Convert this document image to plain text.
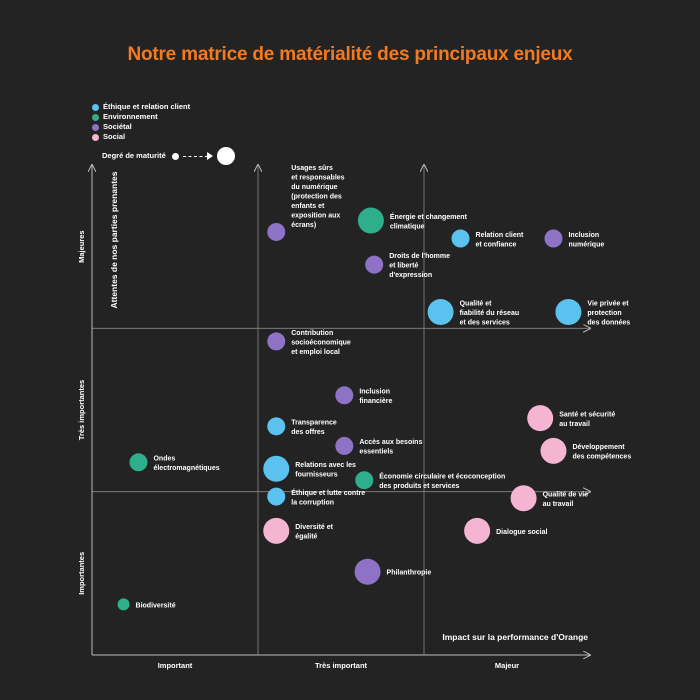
Notre matrice de matérialité des principaux enjeux
Éthique et relation client
Environnement
Sociétal
Social
Degré de maturité
Important	Très important	Majeur
Importantes
Très importantes
Majeures
Impact sur la performance d'Orange
Attentes de nos parties prenantes
Usages sûrs et responsables du numérique (protection des enfants et exposition aux écrans)
Énergie et changement climatique
Relation client et confiance
Inclusion numérique
Droits de l'homme et liberté d'expression
Qualité et fiabilité du réseau et des services
Vie privée et protection des données
Contribution socioéconomique et emploi local
Inclusion financière
Santé et sécurité au travail
Transparence des offres
Accès aux besoins essentiels
Développement des compétences
Ondes électromagnétiques	Relations avec les fournisseurs	Économie circulaire et écoconception des produits et services
Éthique et lutte contre la corruption
Qualité de vie au travail
Diversité et égalité
Dialogue social
Philanthropie
Biodiversité
